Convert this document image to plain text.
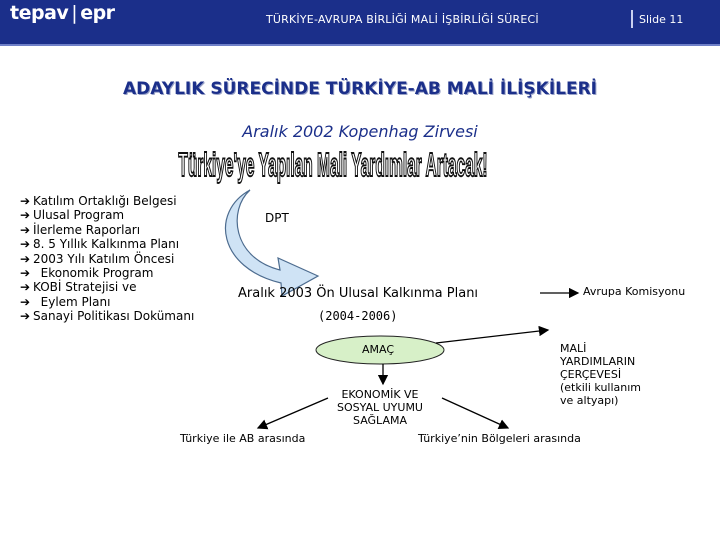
tepav | epr	TÜRKİYE-AVRUPA BİRLİĞİ MALİ İŞBİRLİĞİ SÜRECİ	Slide 11
ADAYLIK SÜRECİNDE TÜRKİYE-AB MALİ İLİŞKİLERİ
Aralık 2002 Kopenhag Zirvesi
Türkiye'ye Yapılan Mali Yardımlar Artacak!
➔ Katılım Ortaklığı Belgesi
➔ Ulusal Program
➔ İlerleme Raporları
➔ 8. 5 Yıllık Kalkınma Planı
➔ 2003 Yılı Katılım Öncesi
➔  Ekonomik Program
➔ KOBİ Stratejisi ve
➔  Eylem Planı
➔ Sanayi Politikası Dokümanı
DPT
Aralık 2003 Ön Ulusal Kalkınma Planı
(2004-2006)
Avrupa Komisyonu
AMAÇ	MALİ
YARDIMLARIN
ÇERÇEVESİ
(etkili kullanım
ve altyapı)
EKONOMİK VE
SOSYAL UYUMU
SAĞLAMA
Türkiye ile AB arasında	Türkiye’nin Bölgeleri arasında
